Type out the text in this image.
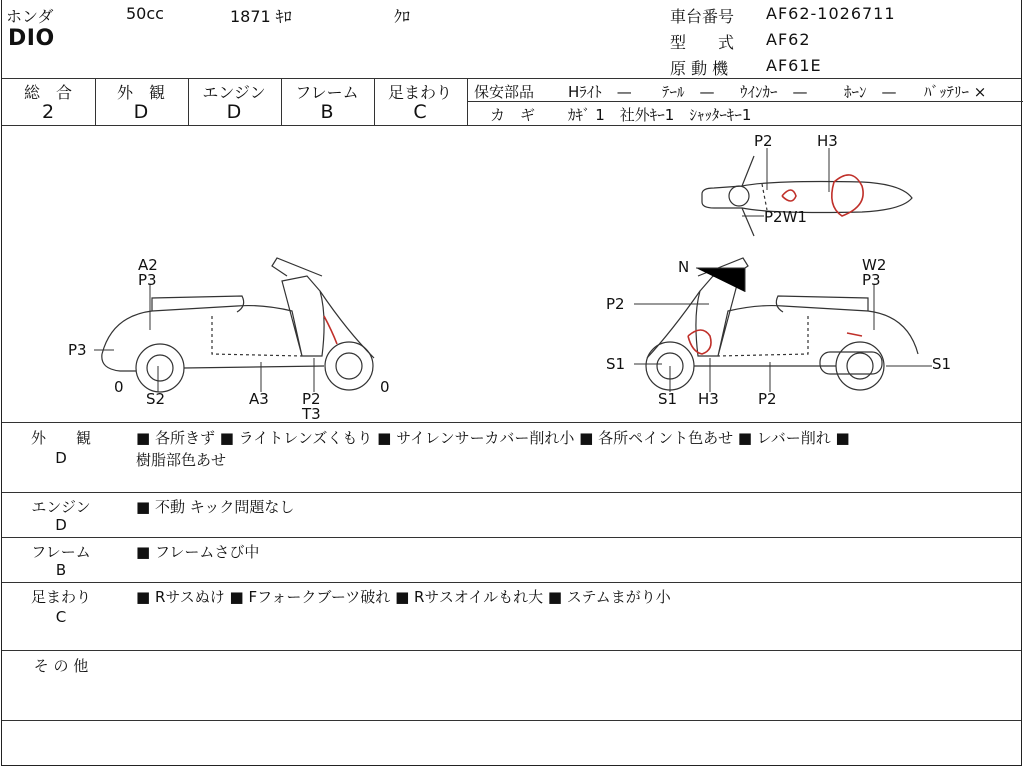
ホンダ	50cc	1871 ｷﾛ	ｸﾛ
DIO
車台番号 AF62-1026711
型　　式 AF62
原 動 機 AF61E
総　合
2
外　観
D
エンジン
D
フレーム
B
足まわり
C
保安部品 Hﾗｲﾄ　— ﾃｰﾙ　— ｳｲﾝｶｰ　— ﾎｰﾝ　— ﾊﾞｯﾃﾘｰ ×
カ　ギ ｶｷﾞ 1　社外ｷｰ1　ｼｬｯﾀｰｷｰ1
A2
P3
P3
0
S2	A3 P2
T3
0
P2	H3
P2W1
N
P2
S1
S1 H3	P2
W2
P3
S1
外　　観
D
■ 各所きず ■ ライトレンズくもり ■ サイレンサーカバー削れ小 ■ 各所ペイント色あせ ■ レバー削れ ■
樹脂部色あせ
エンジン
D
■ 不動 キック問題なし
フレーム
B
■ フレームさび中
足まわり
C
■ Rサスぬけ ■ Fフォークブーツ破れ ■ Rサスオイルもれ大 ■ ステムまがり小
そ の 他
